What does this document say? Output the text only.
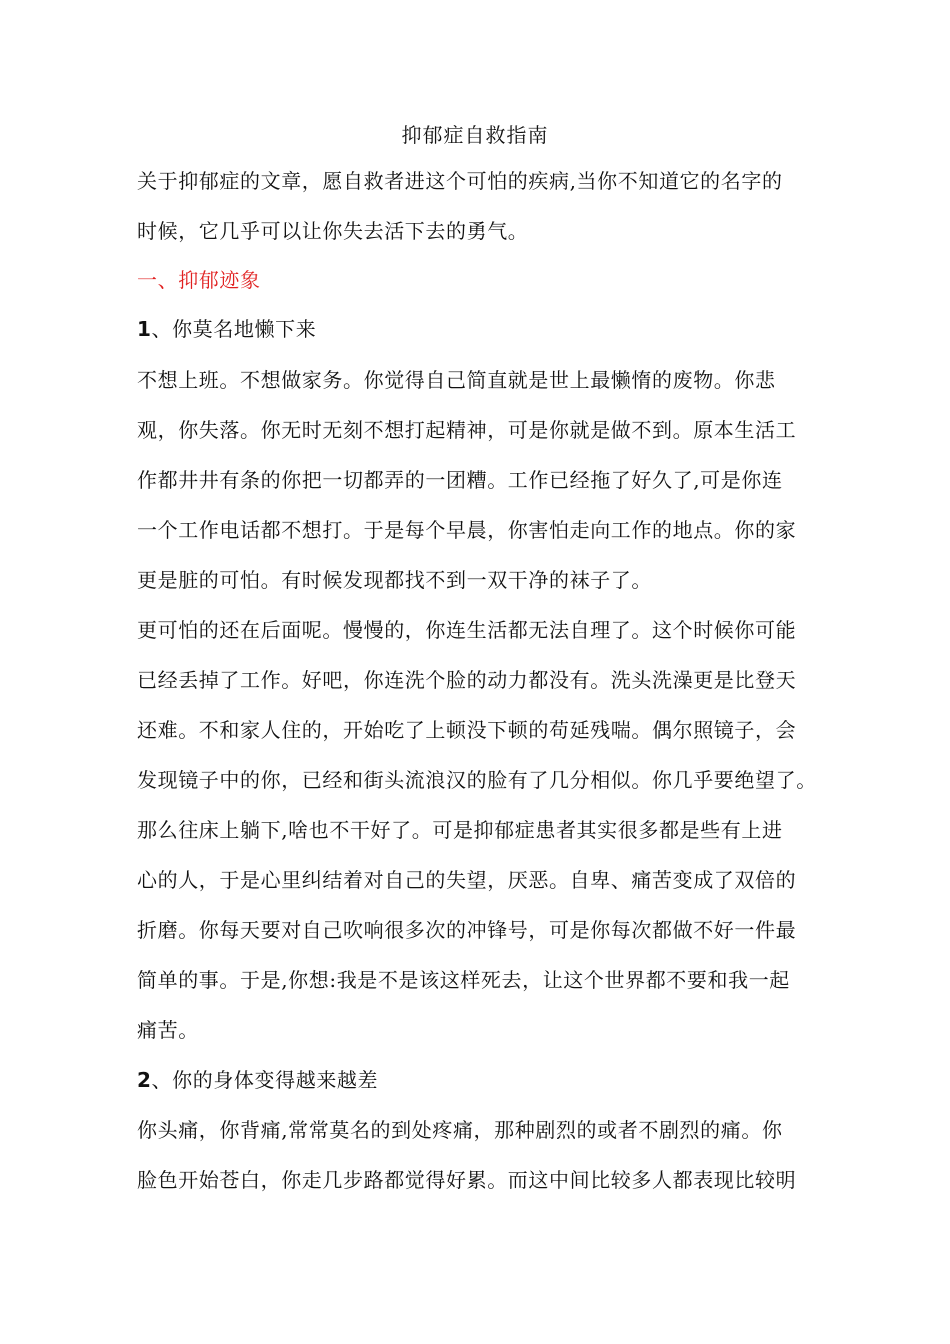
抑郁症自救指南
关于抑郁症的文章，愿自救者进这个可怕的疾病,当你不知道它的名字的
时候，它几乎可以让你失去活下去的勇气。
一、抑郁迹象
1、你莫名地懒下来
不想上班。不想做家务。你觉得自己简直就是世上最懒惰的废物。你悲
观，你失落。你无时无刻不想打起精神，可是你就是做不到。原本生活工
作都井井有条的你把一切都弄的一团糟。工作已经拖了好久了,可是你连
一个工作电话都不想打。于是每个早晨，你害怕走向工作的地点。你的家
更是脏的可怕。有时候发现都找不到一双干净的袜子了。
更可怕的还在后面呢。慢慢的，你连生活都无法自理了。这个时候你可能
已经丢掉了工作。好吧，你连洗个脸的动力都没有。洗头洗澡更是比登天
还难。不和家人住的，开始吃了上顿没下顿的苟延残喘。偶尔照镜子，会
发现镜子中的你，已经和街头流浪汉的脸有了几分相似。你几乎要绝望了。
那么往床上躺下,啥也不干好了。可是抑郁症患者其实很多都是些有上进
心的人，于是心里纠结着对自己的失望，厌恶。自卑、痛苦变成了双倍的
折磨。你每天要对自己吹响很多次的冲锋号，可是你每次都做不好一件最
简单的事。于是,你想:我是不是该这样死去，让这个世界都不要和我一起
痛苦。
2、你的身体变得越来越差
你头痛，你背痛,常常莫名的到处疼痛，那种剧烈的或者不剧烈的痛。你
脸色开始苍白，你走几步路都觉得好累。而这中间比较多人都表现比较明
